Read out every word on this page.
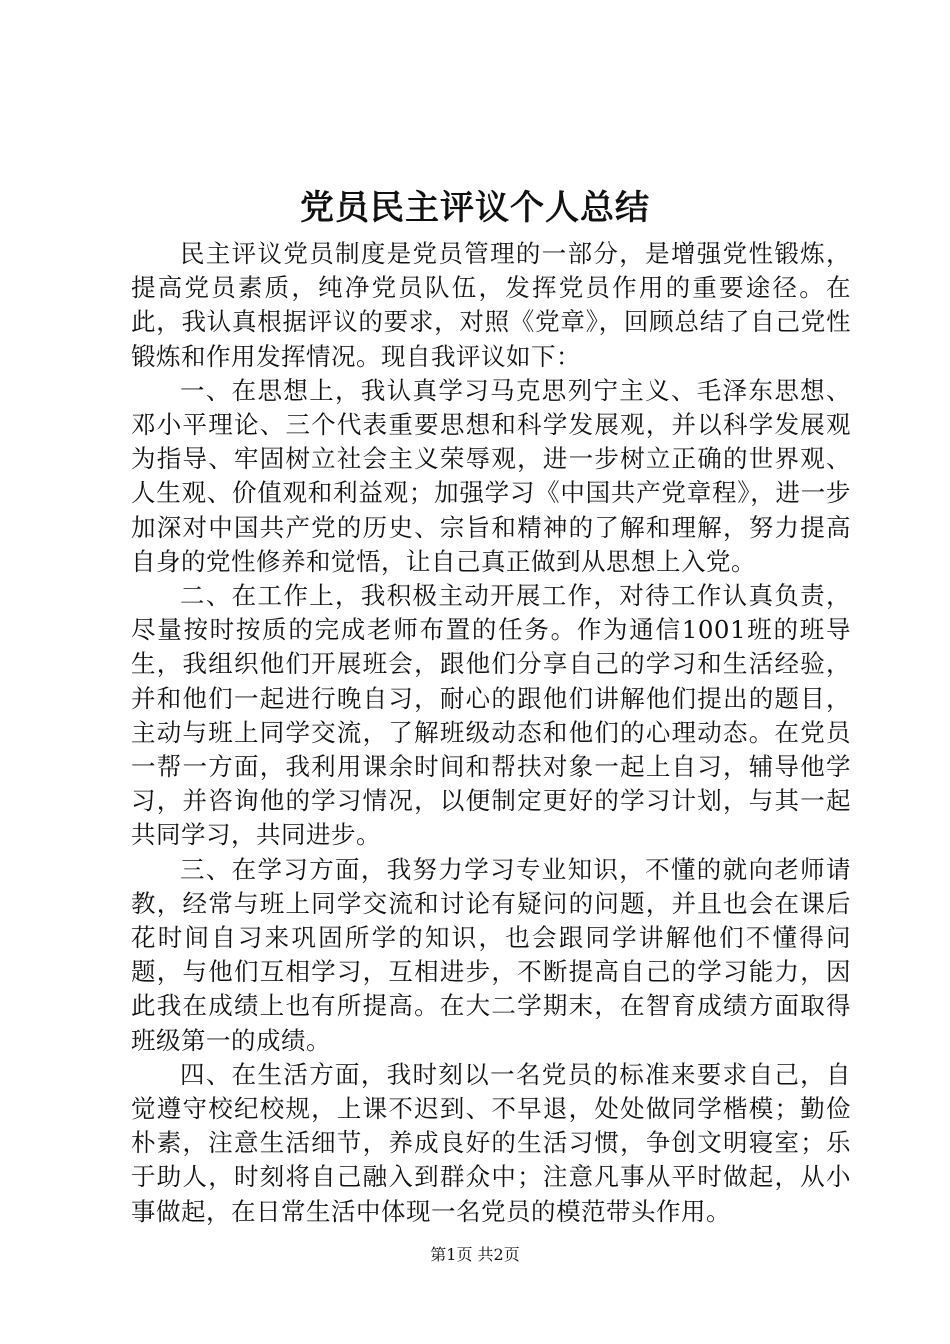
党员民主评议个人总结

民主评议党员制度是党员管理的一部分，是增强党性锻炼，提高党员素质，纯净党员队伍，发挥党员作用的重要途径。在此，我认真根据评议的要求，对照《党章》，回顾总结了自己党性锻炼和作用发挥情况。现自我评议如下：

一、在思想上，我认真学习马克思列宁主义、毛泽东思想、邓小平理论、三个代表重要思想和科学发展观，并以科学发展观为指导、牢固树立社会主义荣辱观，进一步树立正确的世界观、人生观、价值观和利益观；加强学习《中国共产党章程》，进一步加深对中国共产党的历史、宗旨和精神的了解和理解，努力提高自身的党性修养和觉悟，让自己真正做到从思想上入党。

二、在工作上，我积极主动开展工作，对待工作认真负责，尽量按时按质的完成老师布置的任务。作为通信1001班的班导生，我组织他们开展班会，跟他们分享自己的学习和生活经验，并和他们一起进行晚自习，耐心的跟他们讲解他们提出的题目，主动与班上同学交流，了解班级动态和他们的心理动态。在党员一帮一方面，我利用课余时间和帮扶对象一起上自习，辅导他学习，并咨询他的学习情况，以便制定更好的学习计划，与其一起共同学习，共同进步。

三、在学习方面，我努力学习专业知识，不懂的就向老师请教，经常与班上同学交流和讨论有疑问的问题，并且也会在课后花时间自习来巩固所学的知识，也会跟同学讲解他们不懂得问题，与他们互相学习，互相进步，不断提高自己的学习能力，因此我在成绩上也有所提高。在大二学期末，在智育成绩方面取得班级第一的成绩。

四、在生活方面，我时刻以一名党员的标准来要求自己，自觉遵守校纪校规，上课不迟到、不早退，处处做同学楷模；勤俭朴素，注意生活细节，养成良好的生活习惯，争创文明寝室；乐于助人，时刻将自己融入到群众中；注意凡事从平时做起，从小事做起，在日常生活中体现一名党员的模范带头作用。

第1页 共2页
